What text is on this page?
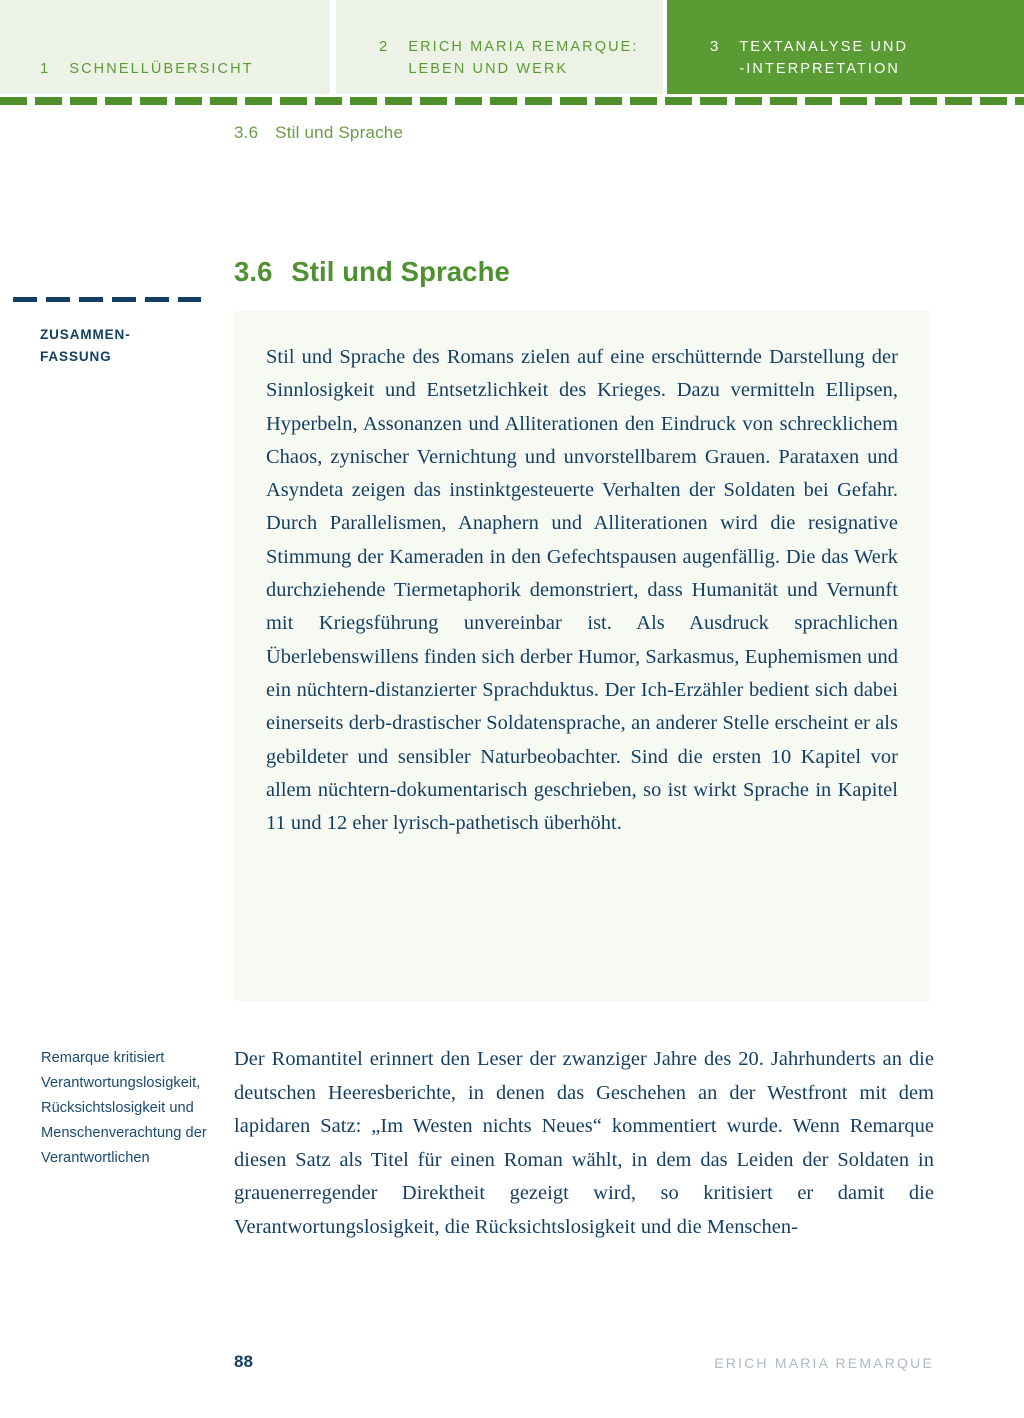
1 SCHNELLÜBERSICHT
2 ERICH MARIA REMARQUE:
LEBEN UND WERK
3 TEXTANALYSE UND
-INTERPRETATION
3.6 Stil und Sprache
3.6 Stil und Sprache
ZUSAMMEN-
FASSUNG	Stil und Sprache des Romans zielen auf eine erschütternde Darstellung der Sinnlosigkeit und Entsetzlichkeit des Krieges. Dazu vermitteln Ellipsen, Hyperbeln, Assonanzen und Alliterationen den Eindruck von schrecklichem Chaos, zynischer Vernichtung und unvorstellbarem Grauen. Parataxen und Asyndeta zeigen das instinktgesteuerte Verhalten der Soldaten bei Gefahr. Durch Parallelismen, Anaphern und Alliterationen wird die resignative Stimmung der Kameraden in den Gefechtspausen augenfällig. Die das Werk durchziehende Tiermetaphorik demonstriert, dass Humanität und Vernunft mit Kriegsführung unvereinbar ist. Als Ausdruck sprachlichen Überlebenswillens finden sich derber Humor, Sarkasmus, Euphemismen und ein nüchtern-distanzierter Sprachduktus. Der Ich-Erzähler bedient sich dabei einerseits derb-drastischer Soldatensprache, an anderer Stelle erscheint er als gebildeter und sensibler Naturbeobachter. Sind die ersten 10 Kapitel vor allem nüchtern-dokumentarisch geschrieben, so ist wirkt Sprache in Kapitel 11 und 12 eher lyrisch-pathetisch überhöht.

Remarque kritisiert Verantwortungslosigkeit, Rücksichtslosigkeit und Menschenverachtung der Verantwortlichen

Der Romantitel erinnert den Leser der zwanziger Jahre des 20. Jahrhunderts an die deutschen Heeresberichte, in denen das Geschehen an der Westfront mit dem lapidaren Satz: „Im Westen nichts Neues“ kommentiert wurde. Wenn Remarque diesen Satz als Titel für einen Roman wählt, in dem das Leiden der Soldaten in grauenerregender Direktheit gezeigt wird, so kritisiert er damit die Verantwortungslosigkeit, die Rücksichtslosigkeit und die Menschen-

88	ERICH MARIA REMARQUE
